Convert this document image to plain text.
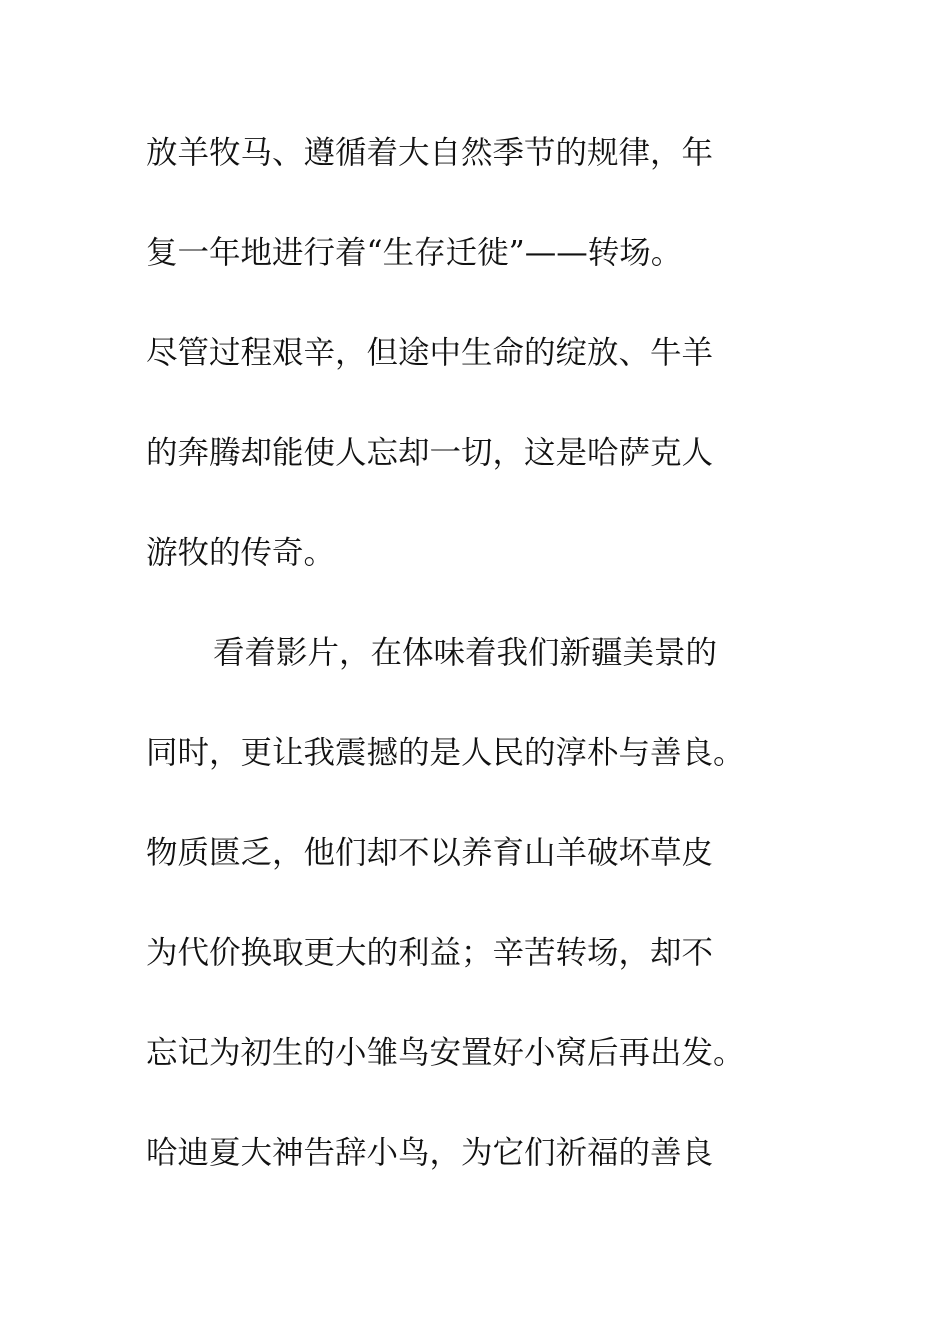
放羊牧马、遵循着大自然季节的规律，年
复一年地进行着“生存迁徙”——转场。
尽管过程艰辛，但途中生命的绽放、牛羊
的奔腾却能使人忘却一切，这是哈萨克人
游牧的传奇。
看着影片，在体味着我们新疆美景的
同时，更让我震撼的是人民的淳朴与善良。
物质匮乏，他们却不以养育山羊破坏草皮
为代价换取更大的利益；辛苦转场，却不
忘记为初生的小雏鸟安置好小窝后再出发。
哈迪夏大神告辞小鸟，为它们祈福的善良
